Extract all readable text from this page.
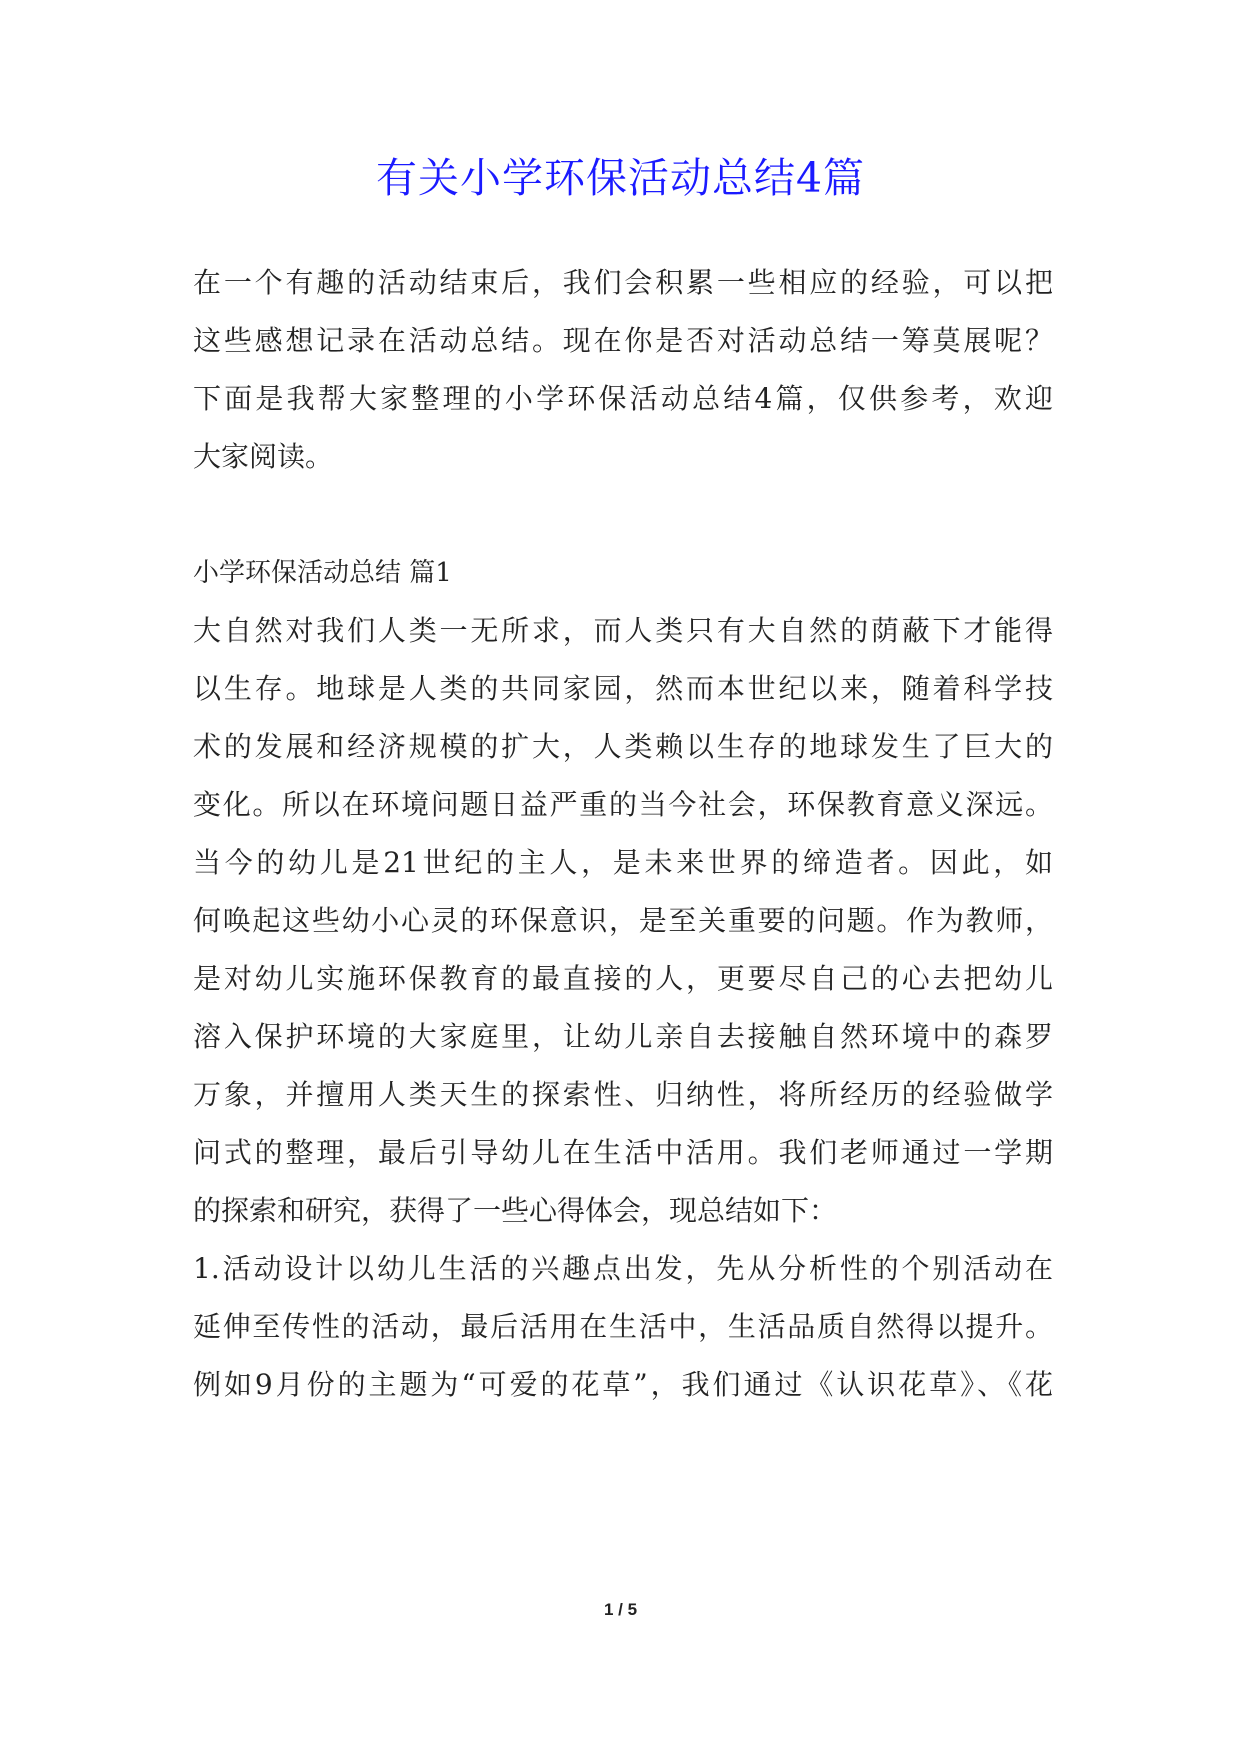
有关小学环保活动总结4篇
在一个有趣的活动结束后，我们会积累一些相应的经验，可以把
这些感想记录在活动总结。现在你是否对活动总结一筹莫展呢？
下面是我帮大家整理的小学环保活动总结4篇，仅供参考，欢迎
大家阅读。
小学环保活动总结 篇1
大自然对我们人类一无所求，而人类只有大自然的荫蔽下才能得
以生存。地球是人类的共同家园，然而本世纪以来，随着科学技
术的发展和经济规模的扩大，人类赖以生存的地球发生了巨大的
变化。所以在环境问题日益严重的当今社会，环保教育意义深远。
当今的幼儿是21世纪的主人，是未来世界的缔造者。因此，如
何唤起这些幼小心灵的环保意识，是至关重要的问题。作为教师，
是对幼儿实施环保教育的最直接的人，更要尽自己的心去把幼儿
溶入保护环境的大家庭里，让幼儿亲自去接触自然环境中的森罗
万象，并擅用人类天生的探索性、归纳性，将所经历的经验做学
问式的整理，最后引导幼儿在生活中活用。我们老师通过一学期
的探索和研究，获得了一些心得体会，现总结如下：
1.活动设计以幼儿生活的兴趣点出发，先从分析性的个别活动在
延伸至传性的活动，最后活用在生活中，生活品质自然得以提升。
例如9月份的主题为“可爱的花草”，我们通过《认识花草》、《花
1 / 5
